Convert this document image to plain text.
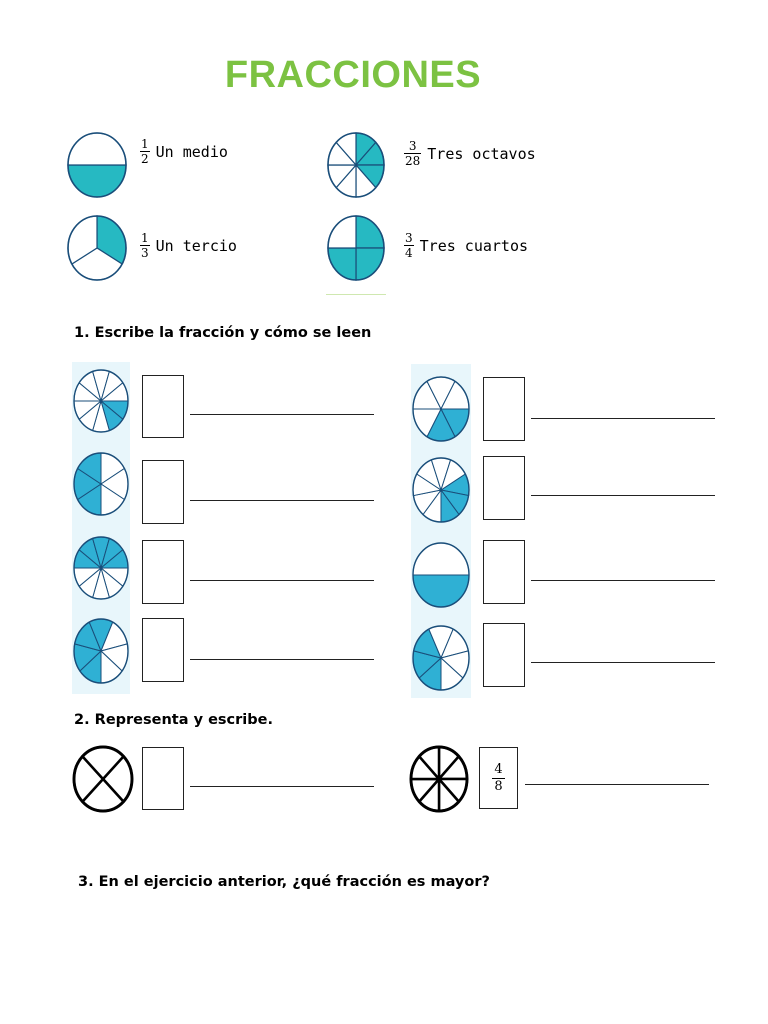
FRACCIONES
$\frac{1}{2}$ Un medio	$\frac{3}{28}$ Tres octavos
$\frac{1}{3}$ Un tercio	$\frac{3}{4}$ Tres cuartos
1. Escribe la fracción y cómo se leen
2. Representa y escribe.
$\frac{4}{8}$
3. En el ejercicio anterior, ¿qué fracción es mayor?
